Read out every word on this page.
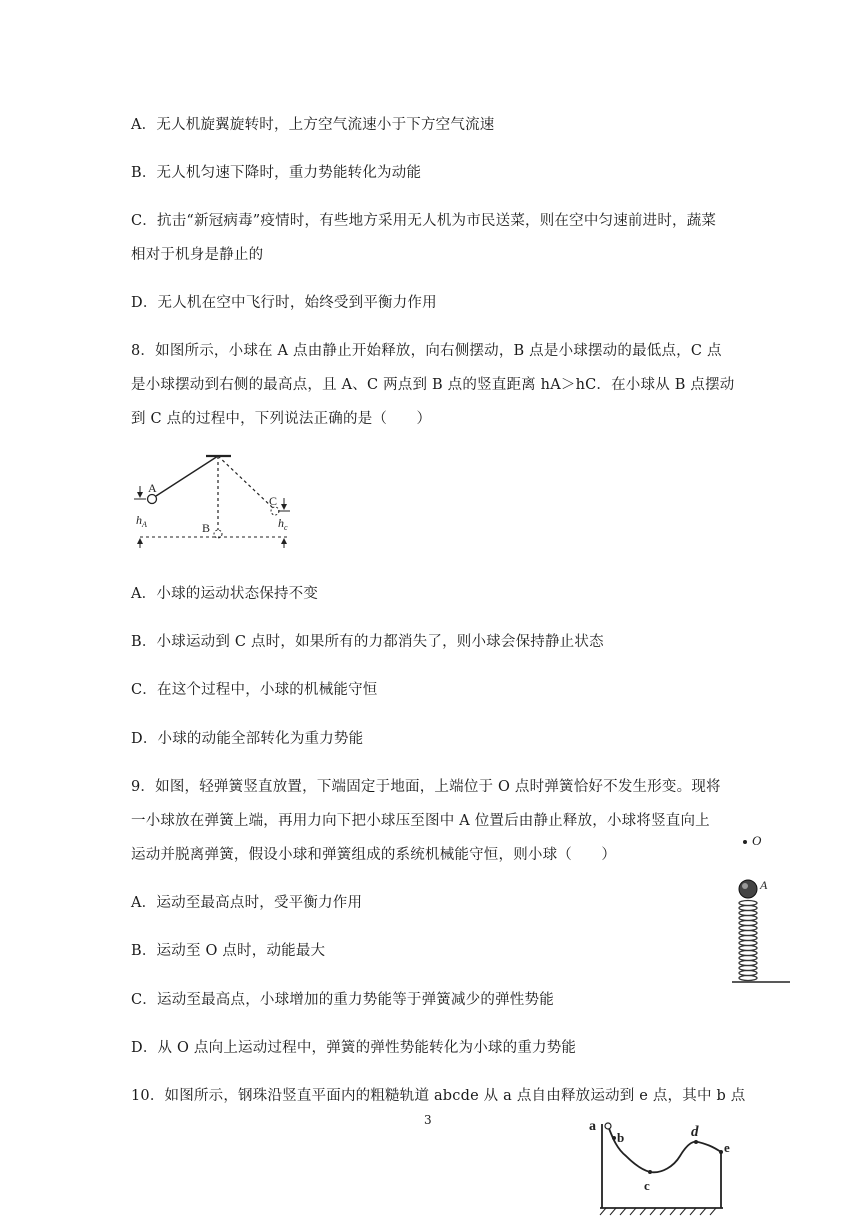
A．无人机旋翼旋转时，上方空气流速小于下方空气流速
B．无人机匀速下降时，重力势能转化为动能
C．抗击“新冠病毒”疫情时，有些地方采用无人机为市民送菜，则在空中匀速前进时，蔬菜
相对于机身是静止的
D．无人机在空中飞行时，始终受到平衡力作用
8．如图所示，小球在 A 点由静止开始释放，向右侧摆动，B 点是小球摆动的最低点，C 点
是小球摆动到右侧的最高点，且 A、C 两点到 B 点的竖直距离 hA＞hC．在小球从 B 点摆动
到 C 点的过程中，下列说法正确的是（　　）
A
B
C
$h_A$	$h_c$
A．小球的运动状态保持不变
B．小球运动到 C 点时，如果所有的力都消失了，则小球会保持静止状态
C．在这个过程中，小球的机械能守恒
D．小球的动能全部转化为重力势能
9．如图，轻弹簧竖直放置，下端固定于地面，上端位于 O 点时弹簧恰好不发生形变。现将
一小球放在弹簧上端，再用力向下把小球压至图中 A 位置后由静止释放，小球将竖直向上
运动并脱离弹簧，假设小球和弹簧组成的系统机械能守恒，则小球（　　）
O
A
A．运动至最高点时，受平衡力作用
B．运动至 O 点时，动能最大
C．运动至最高点，小球增加的重力势能等于弹簧减少的弹性势能
D．从 O 点向上运动过程中，弹簧的弹性势能转化为小球的重力势能
10．如图所示，钢珠沿竖直平面内的粗糙轨道 abcde 从 a 点自由释放运动到 e 点，其中 b 点
3	a
b
c
d
e
